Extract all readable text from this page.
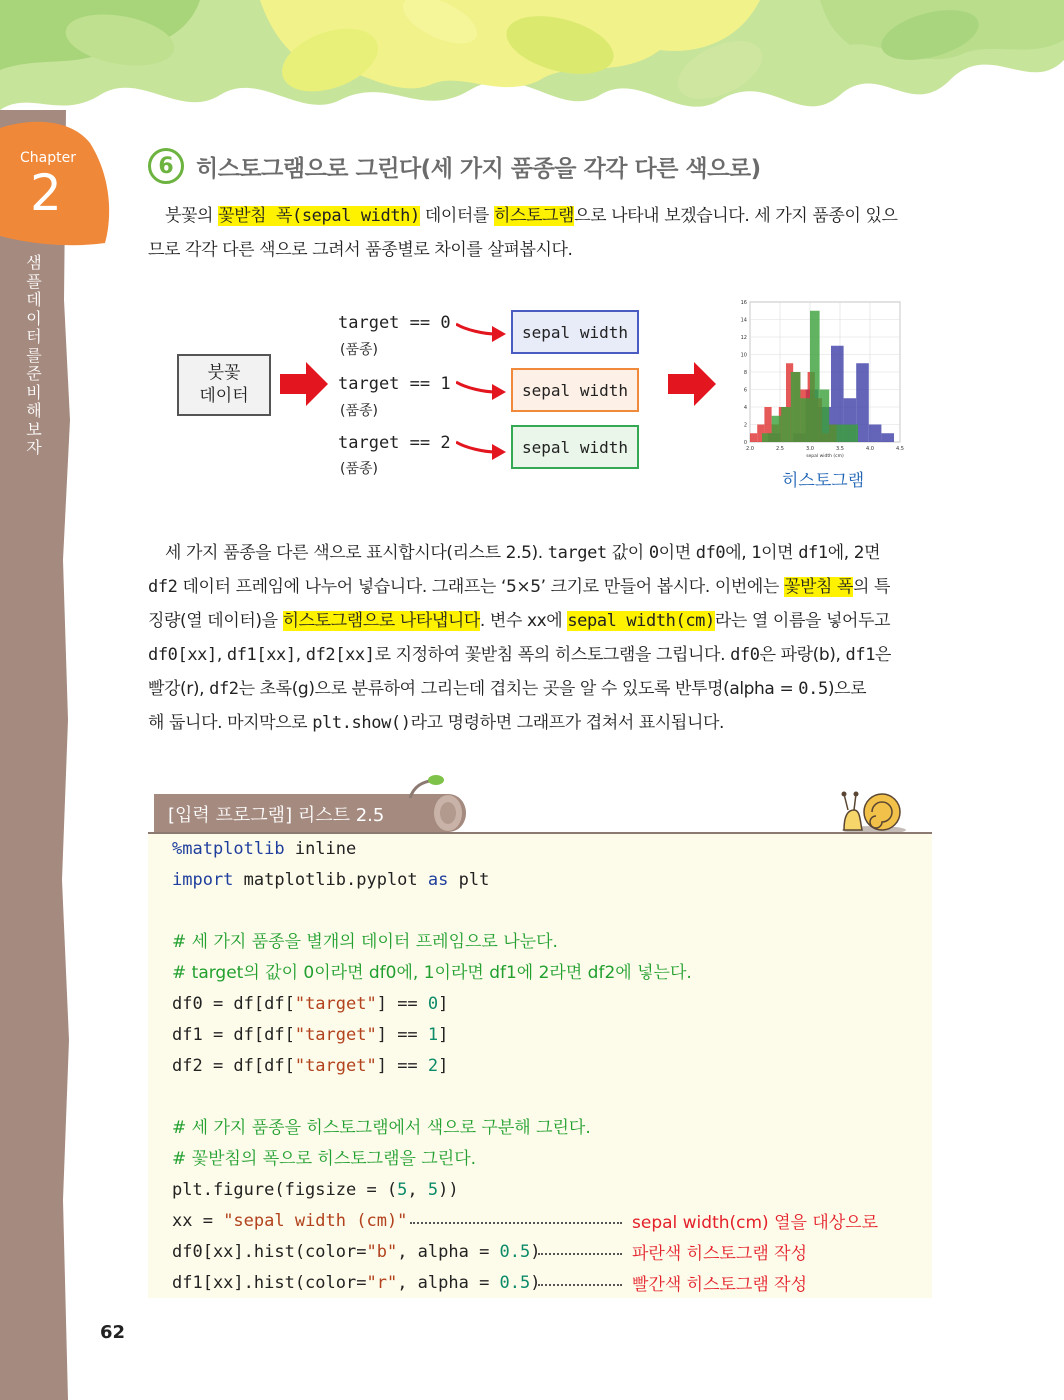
Chapter
2
샘플 데이터를 준비해 보자
6 히스토그램으로 그린다(세 가지 품종을 각각 다른 색으로)
붓꽃의 꽃받침 폭(sepal width) 데이터를 히스토그램으로 나타내 보겠습니다. 세 가지 품종이 있으
므로 각각 다른 색으로 그려서 품종별로 차이를 살펴봅시다.
붓꽃
데이터
target == 0
(품종)
target == 1
(품종)
target == 2
(품종)
sepal width
sepal width
sepal width	0
2
4
6
8
10
12
14
16
2.0	2.5	3.0	3.5	4.0	4.5
sepal width (cm)
히스토그램
세 가지 품종을 다른 색으로 표시합시다(리스트 2.5). target 값이 0이면 df0에, 1이면 df1에, 2면
df2 데이터 프레임에 나누어 넣습니다. 그래프는 ‘5×5’ 크기로 만들어 봅시다. 이번에는 꽃받침 폭의 특
징량(열 데이터)을 히스토그램으로 나타냅니다. 변수 xx에 sepal width(cm)라는 열 이름을 넣어두고
df0[xx], df1[xx], df2[xx]로 지정하여 꽃받침 폭의 히스토그램을 그립니다. df0은 파랑(b), df1은
빨강(r), df2는 초록(g)으로 분류하여 그리는데 겹치는 곳을 알 수 있도록 반투명(alpha = 0.5)으로
해 둡니다. 마지막으로 plt.show()라고 명령하면 그래프가 겹쳐서 표시됩니다.
[입력 프로그램] 리스트 2.5
%matplotlib inline
import matplotlib.pyplot as plt
# 세 가지 품종을 별개의 데이터 프레임으로 나눈다.
# target의 값이 0이라면 df0에, 1이라면 df1에 2라면 df2에 넣는다.
df0 = df[df["target"] == 0]
df1 = df[df["target"] == 1]
df2 = df[df["target"] == 2]
# 세 가지 품종을 히스토그램에서 색으로 구분해 그린다.
# 꽃받침의 폭으로 히스토그램을 그린다.
plt.figure(figsize = (5, 5))
xx = "sepal width (cm)"
df0[xx].hist(color="b", alpha = 0.5)
df1[xx].hist(color="r", alpha = 0.5)
sepal width(cm) 열을 대상으로
파란색 히스토그램 작성
빨간색 히스토그램 작성
62
